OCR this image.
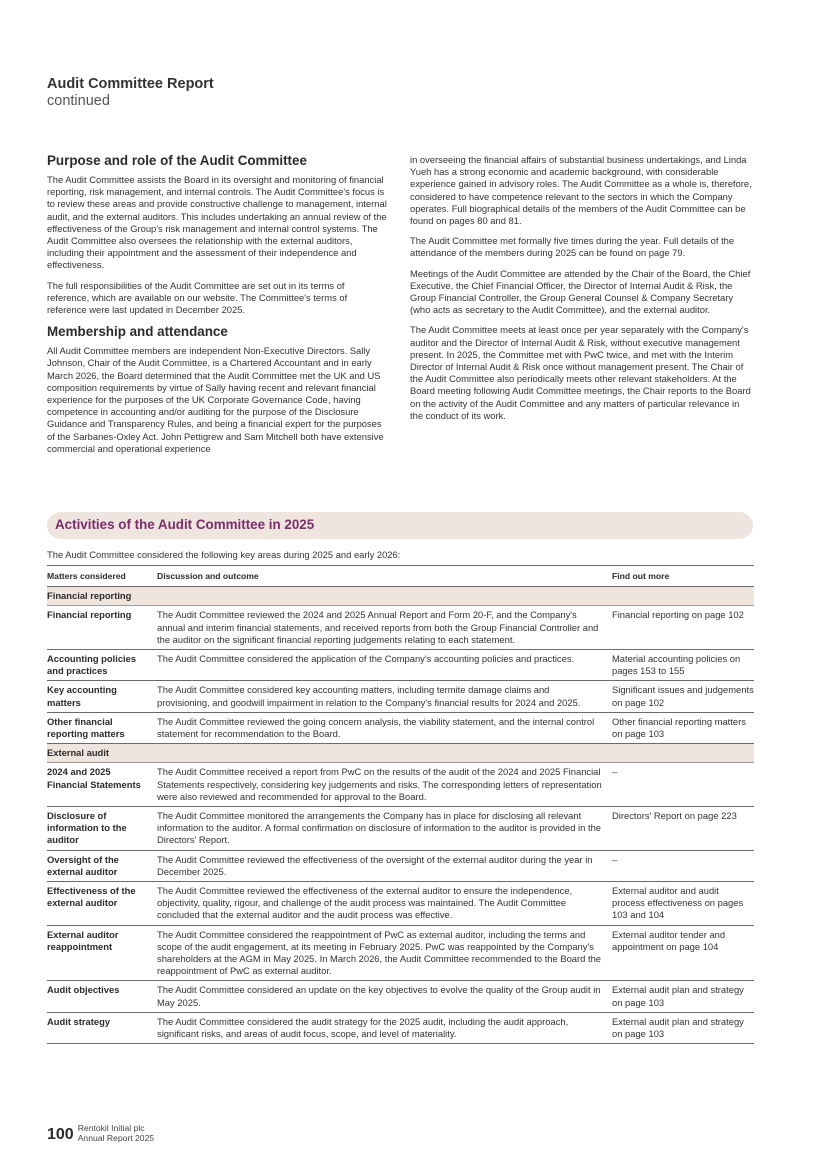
Audit Committee Report
continued
Purpose and role of the Audit Committee

The Audit Committee assists the Board in its oversight and monitoring of financial reporting, risk management, and internal controls. The Audit Committee's focus is to review these areas and provide constructive challenge to management, internal audit, and the external auditors. This includes undertaking an annual review of the effectiveness of the Group's risk management and internal control systems. The Audit Committee also oversees the relationship with the external auditors, including their appointment and the assessment of their independence and effectiveness.

The full responsibilities of the Audit Committee are set out in its terms of reference, which are available on our website. The Committee's terms of reference were last updated in December 2025.

Membership and attendance

All Audit Committee members are independent Non-Executive Directors. Sally Johnson, Chair of the Audit Committee, is a Chartered Accountant and in early March 2026, the Board determined that the Audit Committee met the UK and US composition requirements by virtue of Sally having recent and relevant financial experience for the purposes of the UK Corporate Governance Code, having competence in accounting and/or auditing for the purpose of the Disclosure Guidance and Transparency Rules, and being a financial expert for the purposes of the Sarbanes-Oxley Act. John Pettigrew and Sam Mitchell both have extensive commercial and operational experience

in overseeing the financial affairs of substantial business undertakings, and Linda Yueh has a strong economic and academic background, with considerable experience gained in advisory roles. The Audit Committee as a whole is, therefore, considered to have competence relevant to the sectors in which the Company operates. Full biographical details of the members of the Audit Committee can be found on pages 80 and 81.

The Audit Committee met formally five times during the year. Full details of the attendance of the members during 2025 can be found on page 79.

Meetings of the Audit Committee are attended by the Chair of the Board, the Chief Executive, the Chief Financial Officer, the Director of Internal Audit & Risk, the Group Financial Controller, the Group General Counsel & Company Secretary (who acts as secretary to the Audit Committee), and the external auditor.

The Audit Committee meets at least once per year separately with the Company's auditor and the Director of Internal Audit & Risk, without executive management present. In 2025, the Committee met with PwC twice, and met with the Interim Director of Internal Audit & Risk once without management present. The Chair of the Audit Committee also periodically meets other relevant stakeholders. At the Board meeting following Audit Committee meetings, the Chair reports to the Board on the activity of the Audit Committee and any matters of particular relevance in the conduct of its work.

Activities of the Audit Committee in 2025
The Audit Committee considered the following key areas during 2025 and early 2026:
Matters considered	Discussion and outcome	Find out more
Financial reporting		
Financial reporting	The Audit Committee reviewed the 2024 and 2025 Annual Report and Form 20-F, and the Company's annual and interim financial statements, and received reports from both the Group Financial Controller and the auditor on the significant financial reporting judgements relating to each statement.	Financial reporting on page 102
Accounting policies and practices	The Audit Committee considered the application of the Company's accounting policies and practices.	Material accounting policies on pages 153 to 155
Key accounting matters	The Audit Committee considered key accounting matters, including termite damage claims and provisioning, and goodwill impairment in relation to the Company's financial results for 2024 and 2025.	Significant issues and judgements on page 102
Other financial reporting matters	The Audit Committee reviewed the going concern analysis, the viability statement, and the internal control statement for recommendation to the Board.	Other financial reporting matters on page 103
External audit		
2024 and 2025 Financial Statements	The Audit Committee received a report from PwC on the results of the audit of the 2024 and 2025 Financial Statements respectively, considering key judgements and risks. The corresponding letters of representation were also reviewed and recommended for approval to the Board.	–
Disclosure of information to the auditor	The Audit Committee monitored the arrangements the Company has in place for disclosing all relevant information to the auditor. A formal confirmation on disclosure of information to the auditor is provided in the Directors' Report.	Directors' Report on page 223
Oversight of the external auditor	The Audit Committee reviewed the effectiveness of the oversight of the external auditor during the year in December 2025.	–
Effectiveness of the external auditor	The Audit Committee reviewed the effectiveness of the external auditor to ensure the independence, objectivity, quality, rigour, and challenge of the audit process was maintained. The Audit Committee concluded that the external auditor and the audit process was effective.	External auditor and audit process effectiveness on pages 103 and 104
External auditor reappointment	The Audit Committee considered the reappointment of PwC as external auditor, including the terms and scope of the audit engagement, at its meeting in February 2025. PwC was reappointed by the Company's shareholders at the AGM in May 2025. In March 2026, the Audit Committee recommended to the Board the reappointment of PwC as external auditor.	External auditor tender and appointment on page 104
Audit objectives	The Audit Committee considered an update on the key objectives to evolve the quality of the Group audit in May 2025.	External audit plan and strategy on page 103
Audit strategy	The Audit Committee considered the audit strategy for the 2025 audit, including the audit approach, significant risks, and areas of audit focus, scope, and level of materiality.	External audit plan and strategy on page 103
100 Rentokil Initial plc
Annual Report 2025
